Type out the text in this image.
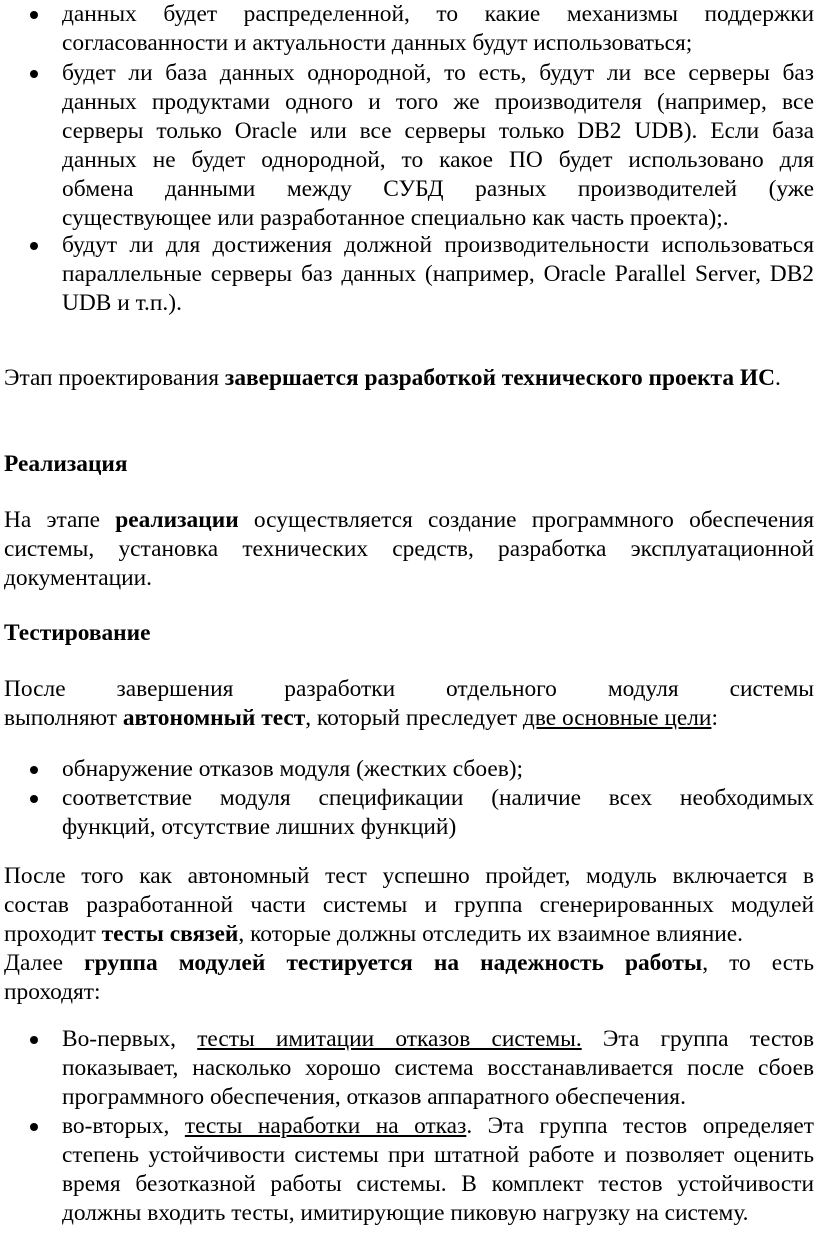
данных будет распределенной, то какие механизмы поддержки
согласованности и актуальности данных будут использоваться;
будет ли база данных однородной, то есть, будут ли все серверы баз
данных продуктами одного и того же производителя (например, все
серверы только Oracle или все серверы только DB2 UDB). Если база
данных не будет однородной, то какое ПО будет использовано для
обмена данными между СУБД разных производителей (уже
существующее или разработанное специально как часть проекта);.
будут ли для достижения должной производительности использоваться
параллельные серверы баз данных (например, Oracle Parallel Server, DB2
UDB и т.п.).
Этап проектирования завершается разработкой технического проекта ИС.
Реализация
На этапе реализации осуществляется создание программного обеспечения
системы, установка технических средств, разработка эксплуатационной
документации.
Тестирование
После завершения разработки отдельного модуля системы
выполняют автономный тест, который преследует две основные цели:
обнаружение отказов модуля (жестких сбоев);
соответствие модуля спецификации (наличие всех необходимых
функций, отсутствие лишних функций)
После того как автономный тест успешно пройдет, модуль включается в
состав разработанной части системы и группа сгенерированных модулей
проходит тесты связей, которые должны отследить их взаимное влияние.
Далее группа модулей тестируется на надежность работы, то есть
проходят:
Во-первых, тесты имитации отказов системы. Эта группа тестов
показывает, насколько хорошо система восстанавливается после сбоев
программного обеспечения, отказов аппаратного обеспечения.
во-вторых, тесты наработки на отказ. Эта группа тестов определяет
степень устойчивости системы при штатной работе и позволяет оценить
время безотказной работы системы. В комплект тестов устойчивости
должны входить тесты, имитирующие пиковую нагрузку на систему.
